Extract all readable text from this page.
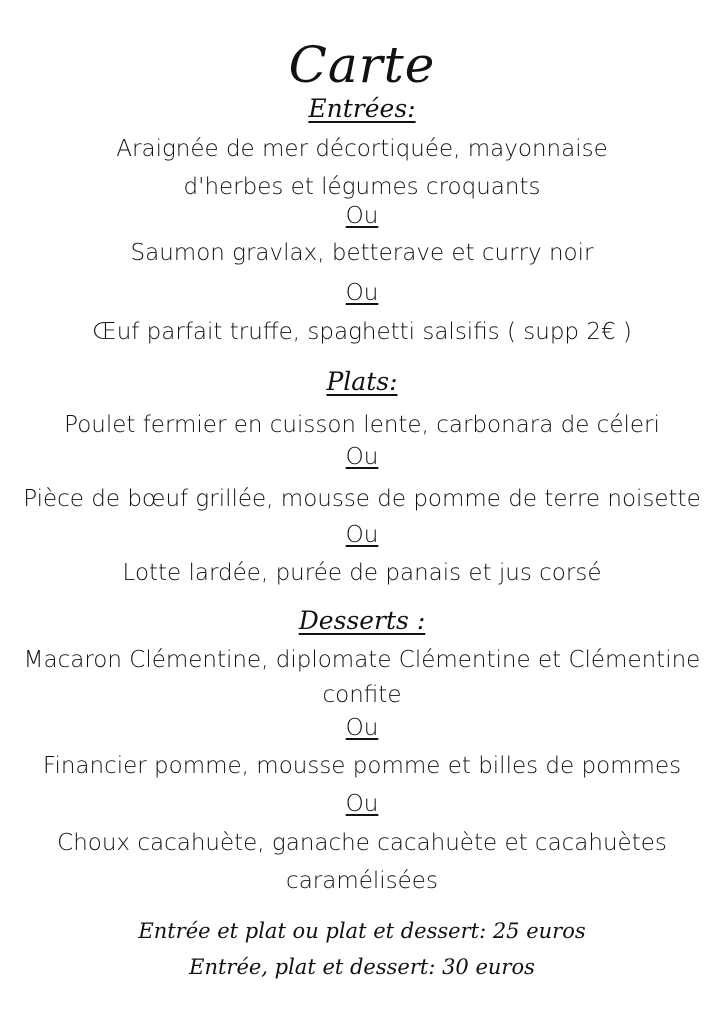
Carte
Entrées:
Araignée de mer décortiquée, mayonnaise
d'herbes et légumes croquants
Ou
Saumon gravlax, betterave et curry noir
Ou
Œuf parfait truffe, spaghetti salsifis ( supp 2€ )
Plats:
Poulet fermier en cuisson lente, carbonara de céleri
Ou
Pièce de bœuf grillée, mousse de pomme de terre noisette
Ou
Lotte lardée, purée de panais et jus corsé
Desserts :
Macaron Clémentine, diplomate Clémentine et Clémentine
confite
Ou
Financier pomme, mousse pomme et billes de pommes
Ou
Choux cacahuète, ganache cacahuète et cacahuètes
caramélisées
Entrée et plat ou plat et dessert: 25 euros
Entrée, plat et dessert: 30 euros
